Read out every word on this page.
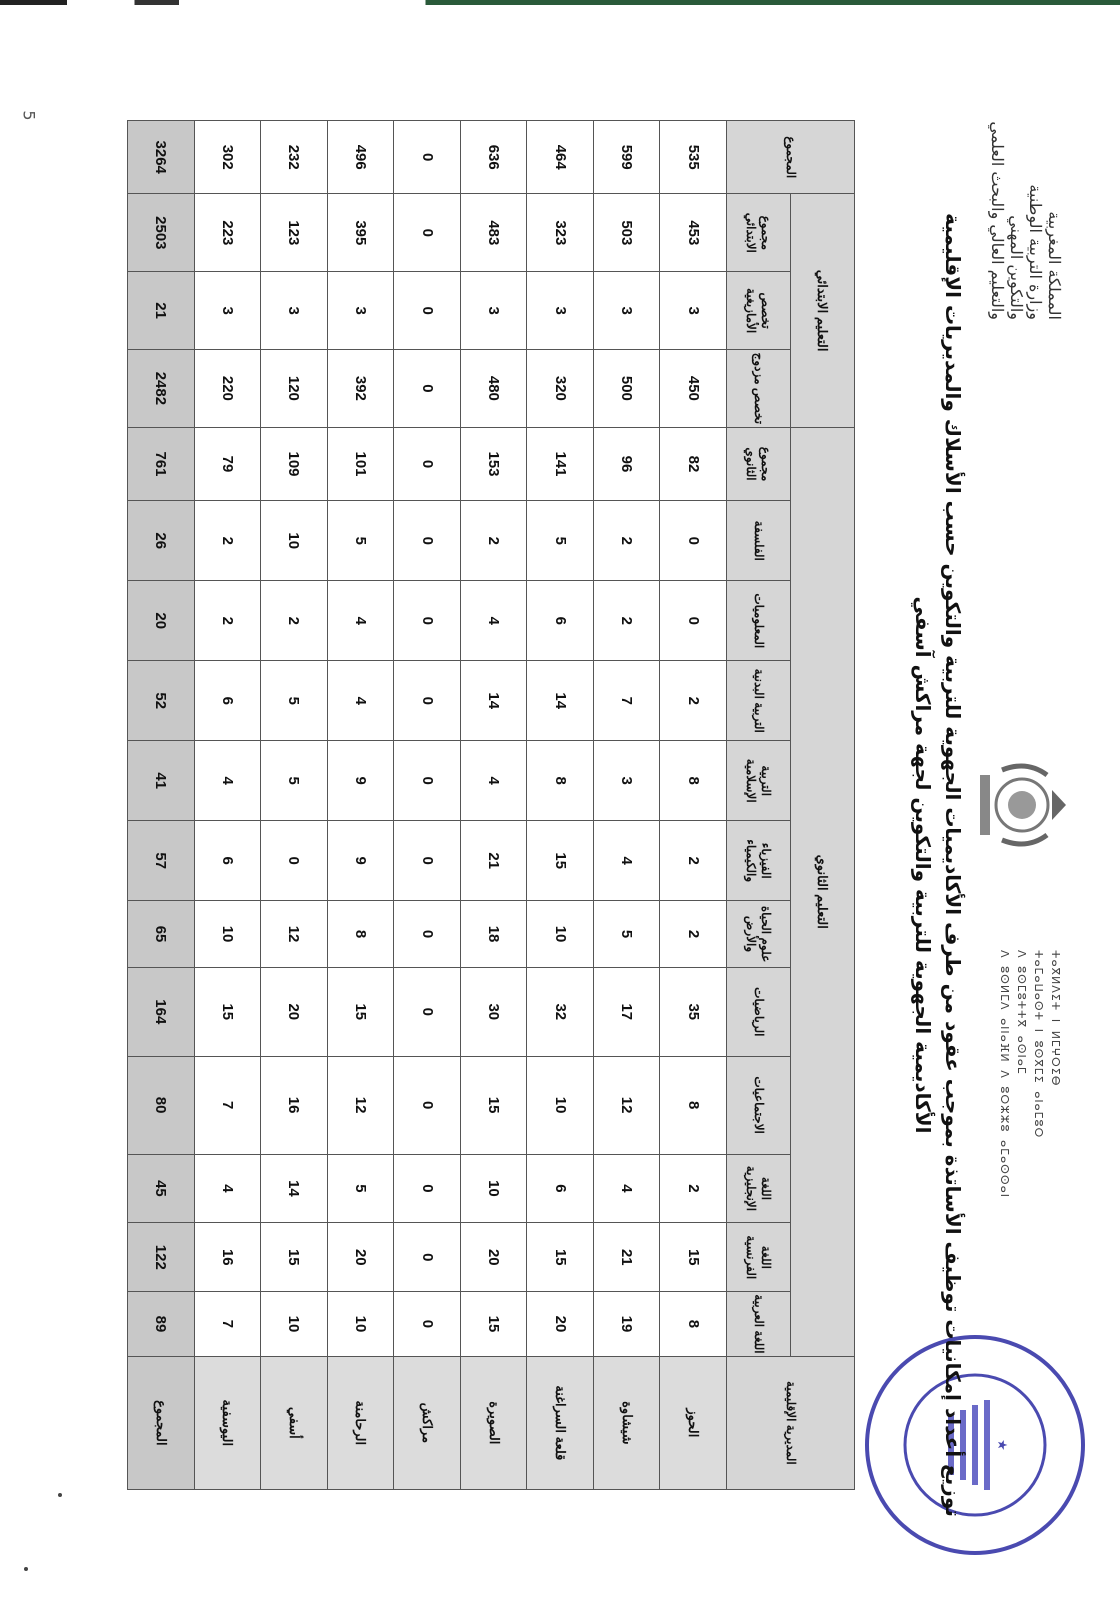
5
المملكة المغربية
وزارة التربية الوطنية
والتكوين المهني
والتعليم العالي والبحث العلمي
ⵜⴰⴳⵍⴷⵉⵜ ⵏ ⵍⵎⵖⵔⵉⴱ
ⵜⴰⵎⴰⵡⴰⵙⵜ ⵏ ⵓⵙⴳⵎⵉ ⴰⵏⴰⵎⵓⵔ
ⴷ ⵓⵙⵎⵓⵜⵜⴳ ⴰⵙⵏⴰⵎ
ⴷ ⵓⵙⵍⵎⴷ ⴰⵏⵏⴰⴼⵍ ⴷ ⵓⵔⵣⵣⵓ ⴰⵎⴰⵙⵙⴰⵏ
★
توزيع أعداد إمكانيات توظيف الأساتذة بموجب عقود من طرف الأكاديميات الجهوية للتربية والتكوين حسب الأسلاك والمديريات الإقليمية
الأكاديمية الجهوية للتربية والتكوين لجهة مراكش آسفي
المديرية الإقليمية	التعليم الثانوي												التعليم الابتدائي			المجموع
	اللغة العربية	اللغة الفرنسية	اللغة الإنجليزية	الاجتماعيات	الرياضيات	علوم الحياة والأرض	الفيزياء والكيمياء	التربية الإسلامية	التربية البدنية	المعلوميات	الفلسفة	مجموع الثانوي	تخصص مزدوج	تخصص الأمازيغية	مجموع الابتدائي	
الحوز	8	15	2	8	35	2	2	8	2	0	0	82	450	3	453	535
شيشاوة	19	21	4	12	17	5	4	3	7	2	2	96	500	3	503	599
قلعة السراغنة	20	15	6	10	32	10	15	8	14	6	5	141	320	3	323	464
الصويرة	15	20	10	15	30	18	21	4	14	4	2	153	480	3	483	636
مراكش	0	0	0	0	0	0	0	0	0	0	0	0	0	0	0	0
الرحامنة	10	20	5	12	15	8	9	9	4	4	5	101	392	3	395	496
أسفي	10	15	14	16	20	12	0	5	5	2	10	109	120	3	123	232
اليوسفية	7	16	4	7	15	10	6	4	6	2	2	79	220	3	223	302
المجموع	89	122	45	80	164	65	57	41	52	20	26	761	2482	21	2503	3264
